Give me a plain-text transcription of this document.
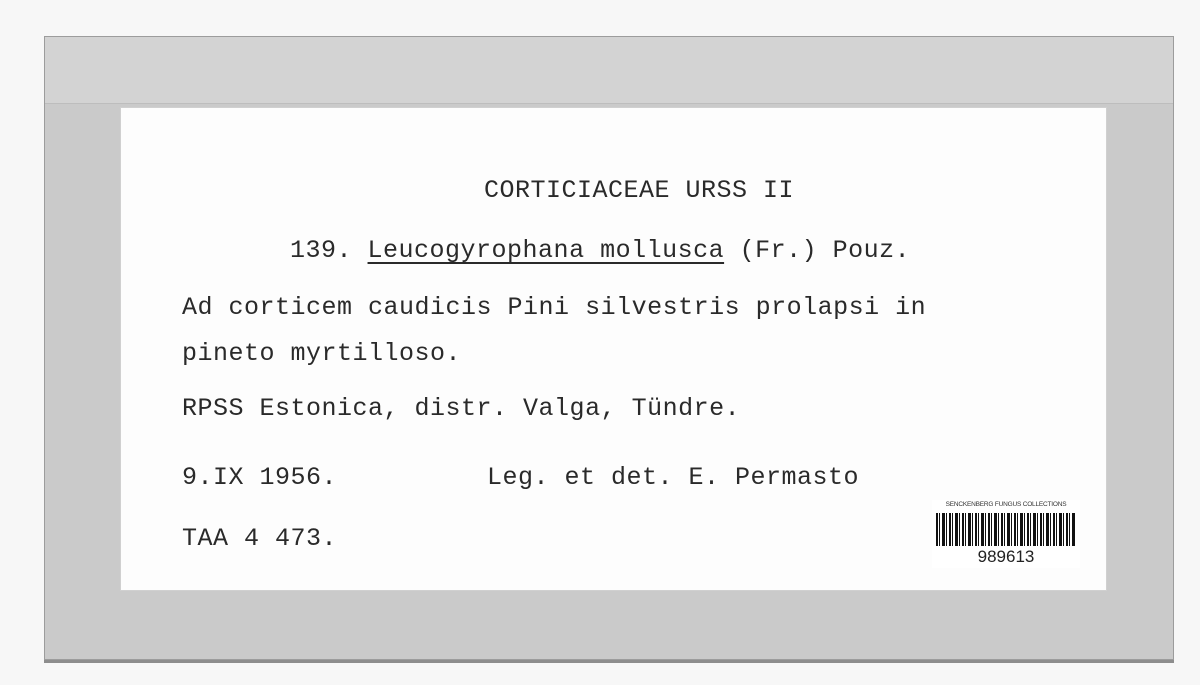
CORTICIACEAE URSS II
139. Leucogyrophana mollusca (Fr.) Pouz.
Ad corticem caudicis Pini silvestris prolapsi in
pineto myrtilloso.
RPSS Estonica, distr. Valga, Tündre.
9.IX 1956.	Leg. et det. E. Permasto
TAA 4 473.
SENCKENBERG FUNGUS COLLECTIONS
989613
